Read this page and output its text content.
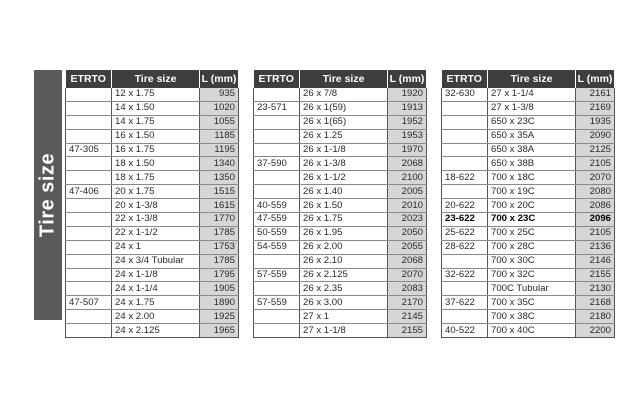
Tire size
ETRTO	Tire size	L (mm)
	12 x 1.75	935
	14 x 1.50	1020
	14 x 1.75	1055
	16 x 1.50	1185
47-305	16 x 1.75	1195
	18 x 1.50	1340
	18 x 1.75	1350
47-406	20 x 1.75	1515
	20 x 1-3/8	1615
	22 x 1-3/8	1770
	22 x 1-1/2	1785
	24 x 1	1753
	24 x 3/4 Tubular	1785
	24 x 1-1/8	1795
	24 x 1-1/4	1905
47-507	24 x 1.75	1890
	24 x 2.00	1925
	24 x 2.125	1965
ETRTO	Tire size	L (mm)
	26 x 7/8	1920
23-571	26 x 1(59)	1913
	26 x 1(65)	1952
	26 x 1.25	1953
	26 x 1-1/8	1970
37-590	26 x 1-3/8	2068
	26 x 1-1/2	2100
	26 x 1.40	2005
40-559	26 x 1.50	2010
47-559	26 x 1.75	2023
50-559	26 x 1.95	2050
54-559	26 x 2.00	2055
	26 x 2.10	2068
57-559	26 x 2.125	2070
	26 x 2.35	2083
57-559	26 x 3.00	2170
	27 x 1	2145
	27 x 1-1/8	2155
ETRTO	Tire size	L (mm)
32-630	27 x 1-1/4	2161
	27 x 1-3/8	2169
	650 x 23C	1935
	650 x 35A	2090
	650 x 38A	2125
	650 x 38B	2105
18-622	700 x 18C	2070
	700 x 19C	2080
20-622	700 x 20C	2086
23-622	700 x 23C	2096
25-622	700 x 25C	2105
28-622	700 x 28C	2136
	700 x 30C	2146
32-622	700 x 32C	2155
	700C Tubular	2130
37-622	700 x 35C	2168
	700 x 38C	2180
40-522	700 x 40C	2200
